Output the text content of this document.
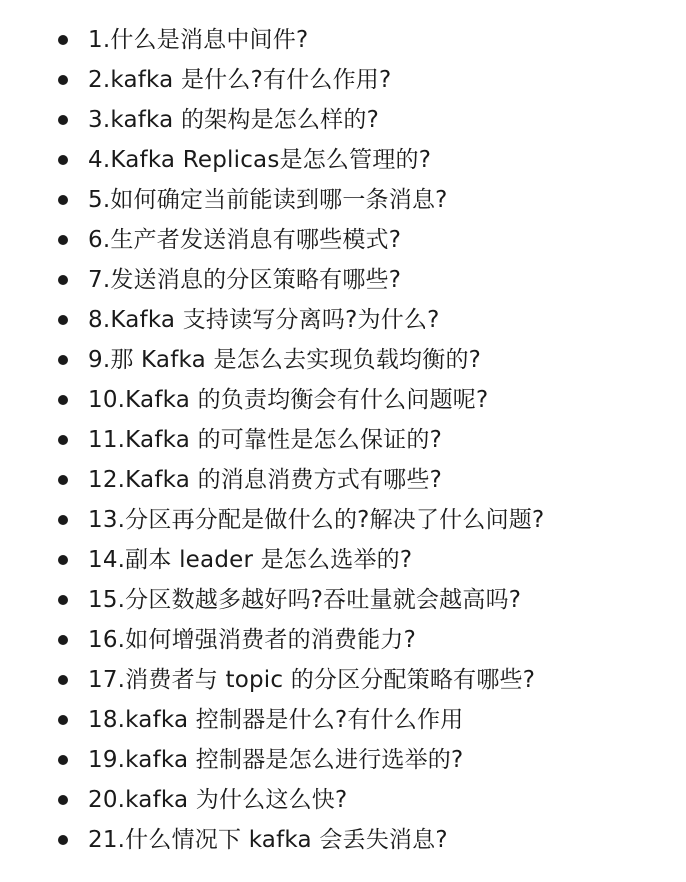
1.什么是消息中间件?
2.kafka 是什么?有什么作用?
3.kafka 的架构是怎么样的?
4.Kafka Replicas是怎么管理的?
5.如何确定当前能读到哪一条消息?
6.生产者发送消息有哪些模式?
7.发送消息的分区策略有哪些?
8.Kafka 支持读写分离吗?为什么?
9.那 Kafka 是怎么去实现负载均衡的?
10.Kafka 的负责均衡会有什么问题呢?
11.Kafka 的可靠性是怎么保证的?
12.Kafka 的消息消费方式有哪些?
13.分区再分配是做什么的?解决了什么问题?
14.副本 leader 是怎么选举的?
15.分区数越多越好吗?吞吐量就会越高吗?
16.如何增强消费者的消费能力?
17.消费者与 topic 的分区分配策略有哪些?
18.kafka 控制器是什么?有什么作用
19.kafka 控制器是怎么进行选举的?
20.kafka 为什么这么快?
21.什么情况下 kafka 会丢失消息?
